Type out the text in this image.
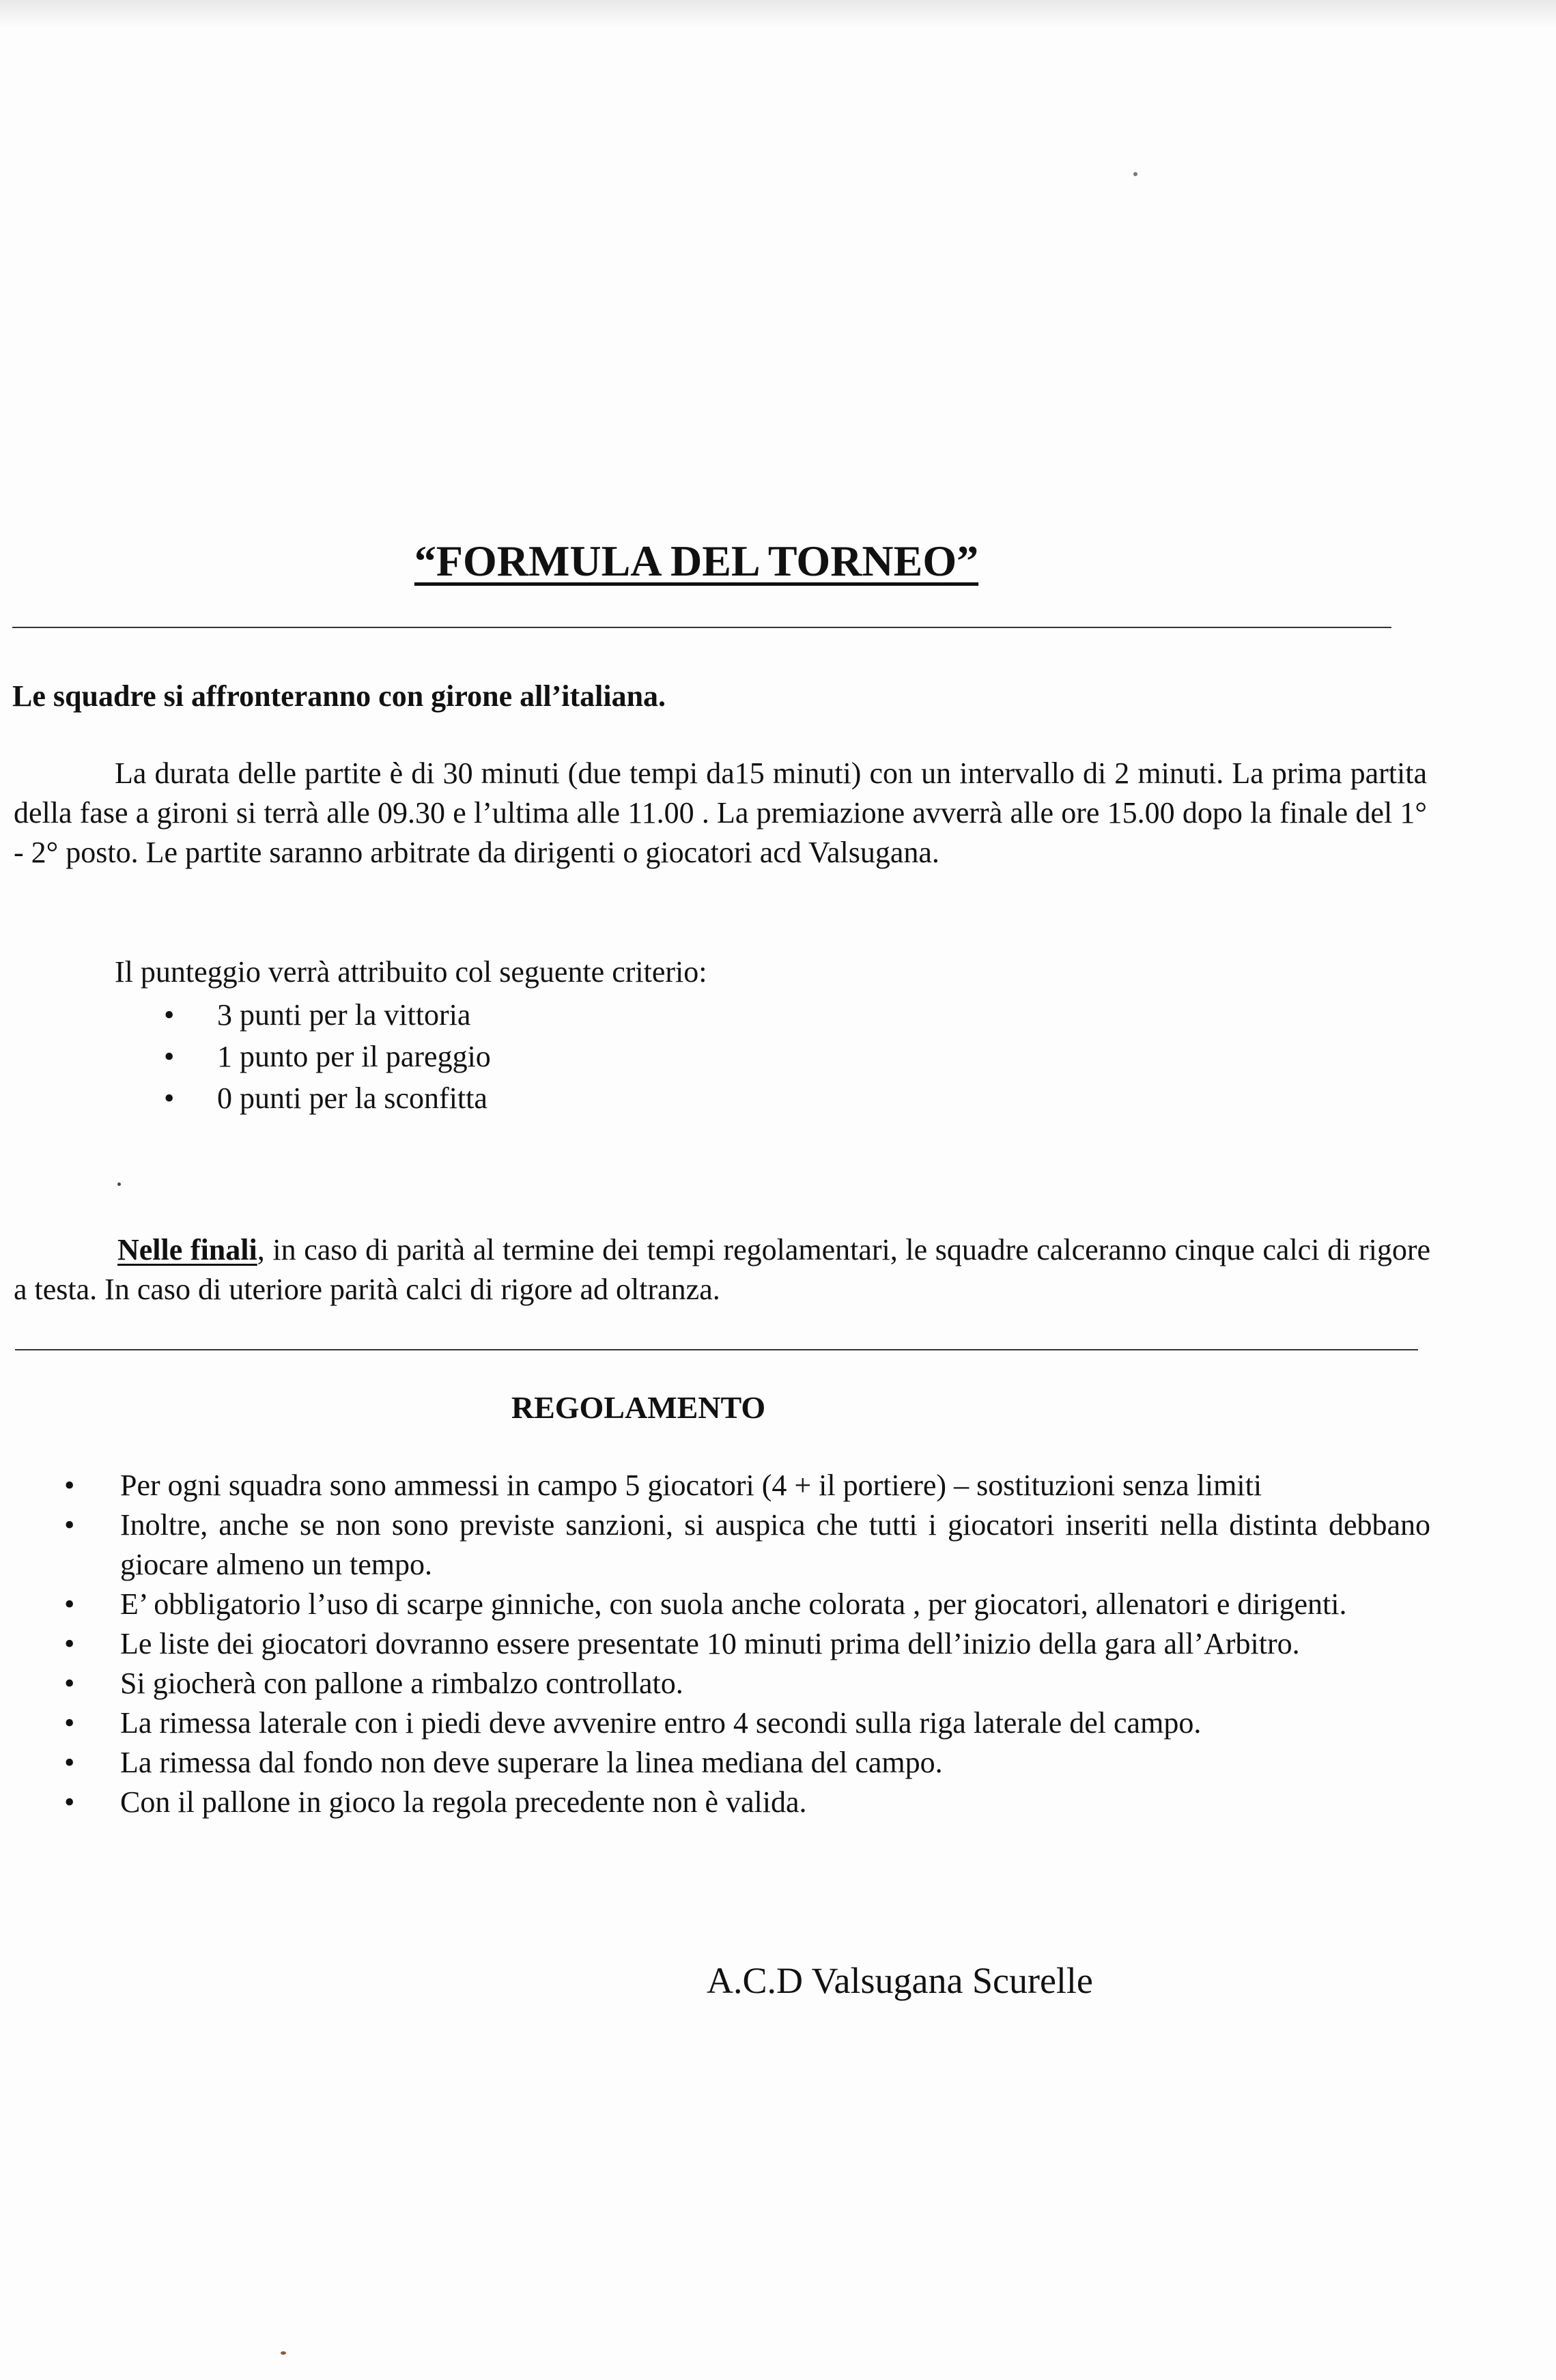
“FORMULA DEL TORNEO”
Le squadre si affronteranno con girone all’italiana.
La durata delle partite è di 30 minuti (due tempi da15 minuti) con un intervallo di 2 minuti. La prima partita della fase a gironi si terrà alle 09.30 e l’ultima alle 11.00 . La premiazione avverrà alle ore 15.00 dopo la finale del 1° - 2° posto. Le partite saranno arbitrate da dirigenti o giocatori acd Valsugana.
Il punteggio verrà attribuito col seguente criterio:
• 3 punti per la vittoria
• 1 punto per il pareggio
• 0 punti per la sconfitta
Nelle finali, in caso di parità al termine dei tempi regolamentari, le squadre calceranno cinque calci di rigore a testa. In caso di uteriore parità calci di rigore ad oltranza.
REGOLAMENTO
• Per ogni squadra sono ammessi in campo 5 giocatori (4 + il portiere) – sostituzioni senza limiti
• Inoltre, anche se non sono previste sanzioni, si auspica che tutti i giocatori inseriti nella distinta debbano giocare almeno un tempo.
• E’ obbligatorio l’uso di scarpe ginniche, con suola anche colorata , per giocatori, allenatori e dirigenti.
• Le liste dei giocatori dovranno essere presentate 10 minuti prima dell’inizio della gara all’Arbitro.
• Si giocherà con pallone a rimbalzo controllato.
• La rimessa laterale con i piedi deve avvenire entro 4 secondi sulla riga laterale del campo.
• La rimessa dal fondo non deve superare la linea mediana del campo.
• Con il pallone in gioco la regola precedente non è valida.
A.C.D Valsugana Scurelle
